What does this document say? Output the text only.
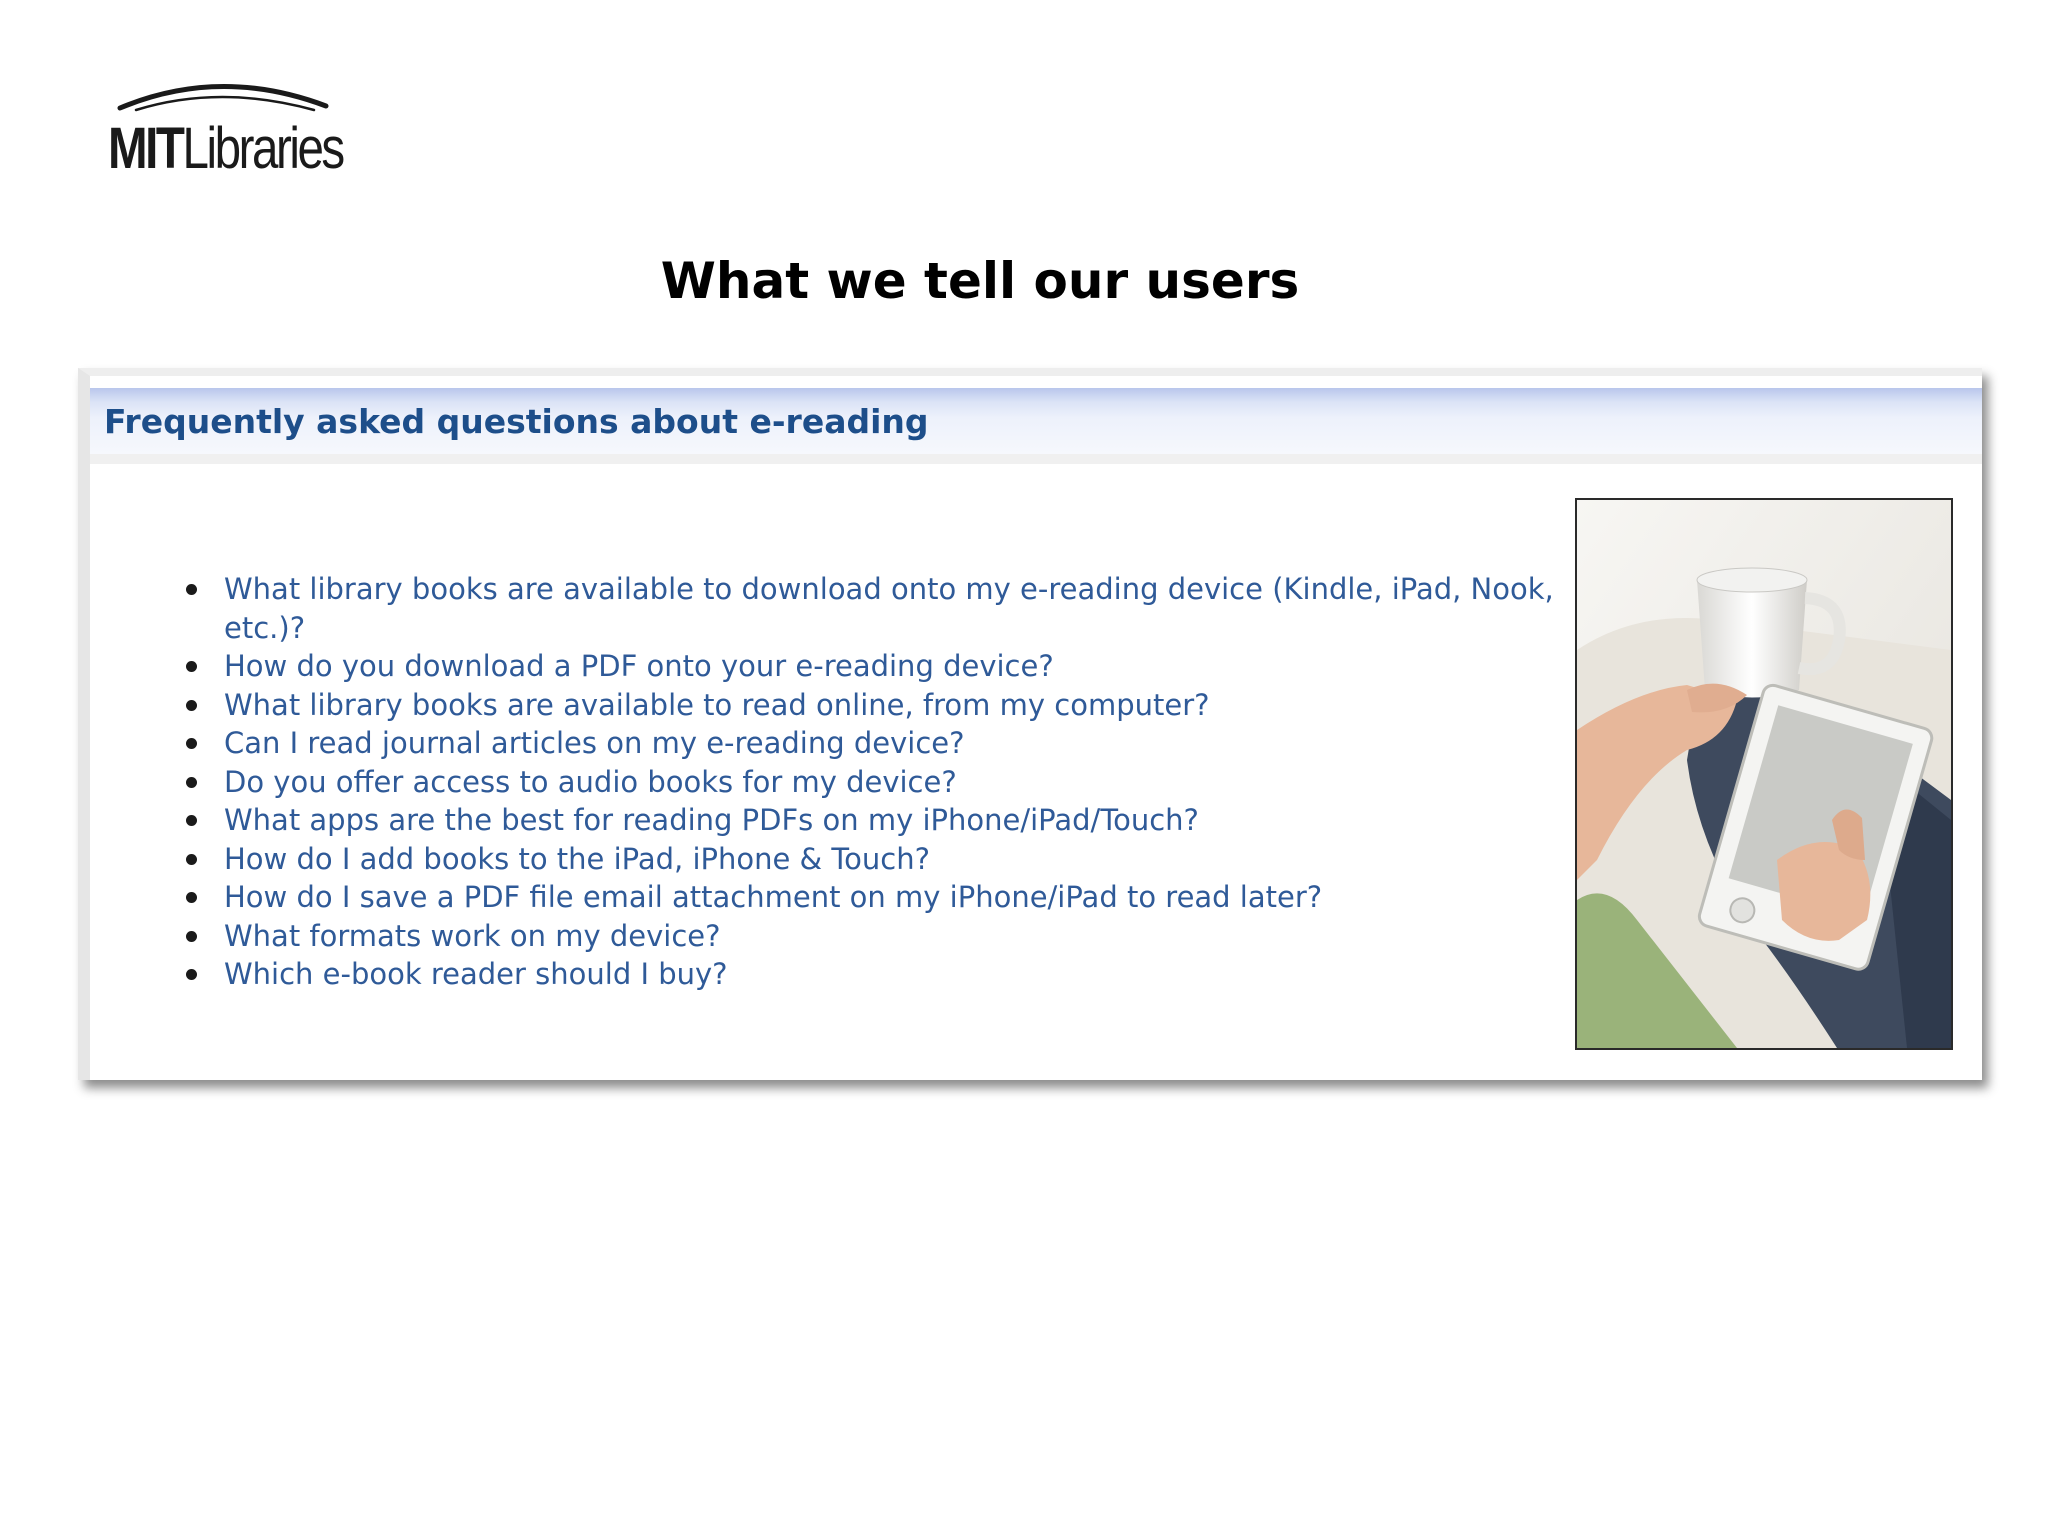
MITLibraries
What we tell our users
Frequently asked questions about e-reading
What library books are available to download onto my e-reading device (Kindle, iPad, Nook, etc.)?
How do you download a PDF onto your e-reading device?
What library books are available to read online, from my computer?
Can I read journal articles on my e-reading device?
Do you offer access to audio books for my device?
What apps are the best for reading PDFs on my iPhone/iPad/Touch?
How do I add books to the iPad, iPhone & Touch?
How do I save a PDF file email attachment on my iPhone/iPad to read later?
What formats work on my device?
Which e-book reader should I buy?
